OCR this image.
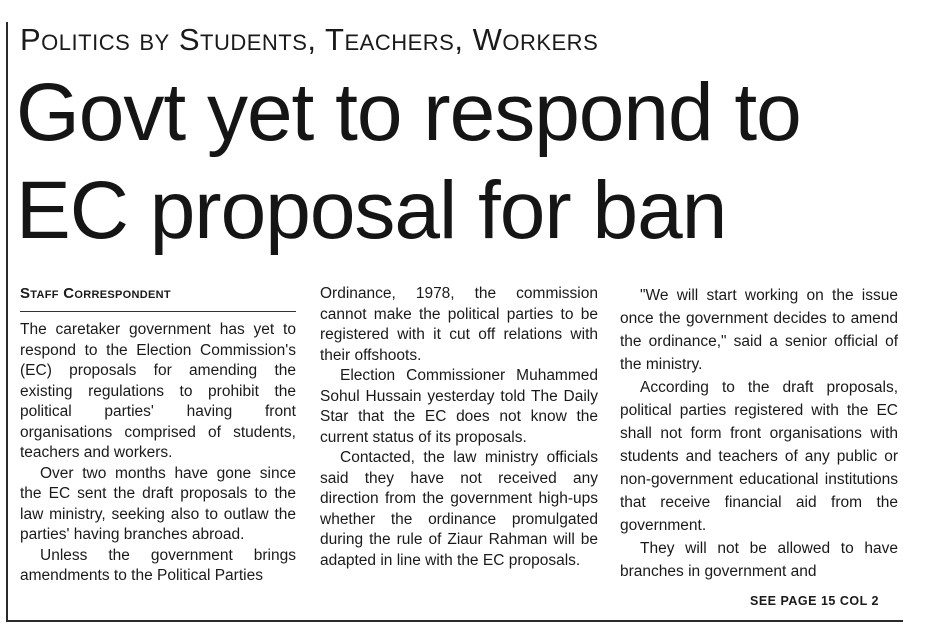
Politics by Students, Teachers, Workers
Govt yet to respond to EC proposal for ban
Staff Correspondent

The caretaker government has yet to respond to the Election Commission's (EC) proposals for amending the existing regulations to prohibit the political parties' having front organisations comprised of students, teachers and workers.

Over two months have gone since the EC sent the draft proposals to the law ministry, seeking also to outlaw the parties' having branches abroad.

Unless the government brings amendments to the Political Parties

Ordinance, 1978, the commission cannot make the political parties to be registered with it cut off relations with their offshoots.

Election Commissioner Muhammed Sohul Hussain yesterday told The Daily Star that the EC does not know the current status of its proposals.

Contacted, the law ministry officials said they have not received any direction from the government high-ups whether the ordinance promulgated during the rule of Ziaur Rahman will be adapted in line with the EC proposals.

"We will start working on the issue once the government decides to amend the ordinance," said a senior official of the ministry.

According to the draft proposals, political parties registered with the EC shall not form front organisations with students and teachers of any public or non-government educational institutions that receive financial aid from the government.

They will not be allowed to have branches in government and

SEE PAGE 15 COL 2
